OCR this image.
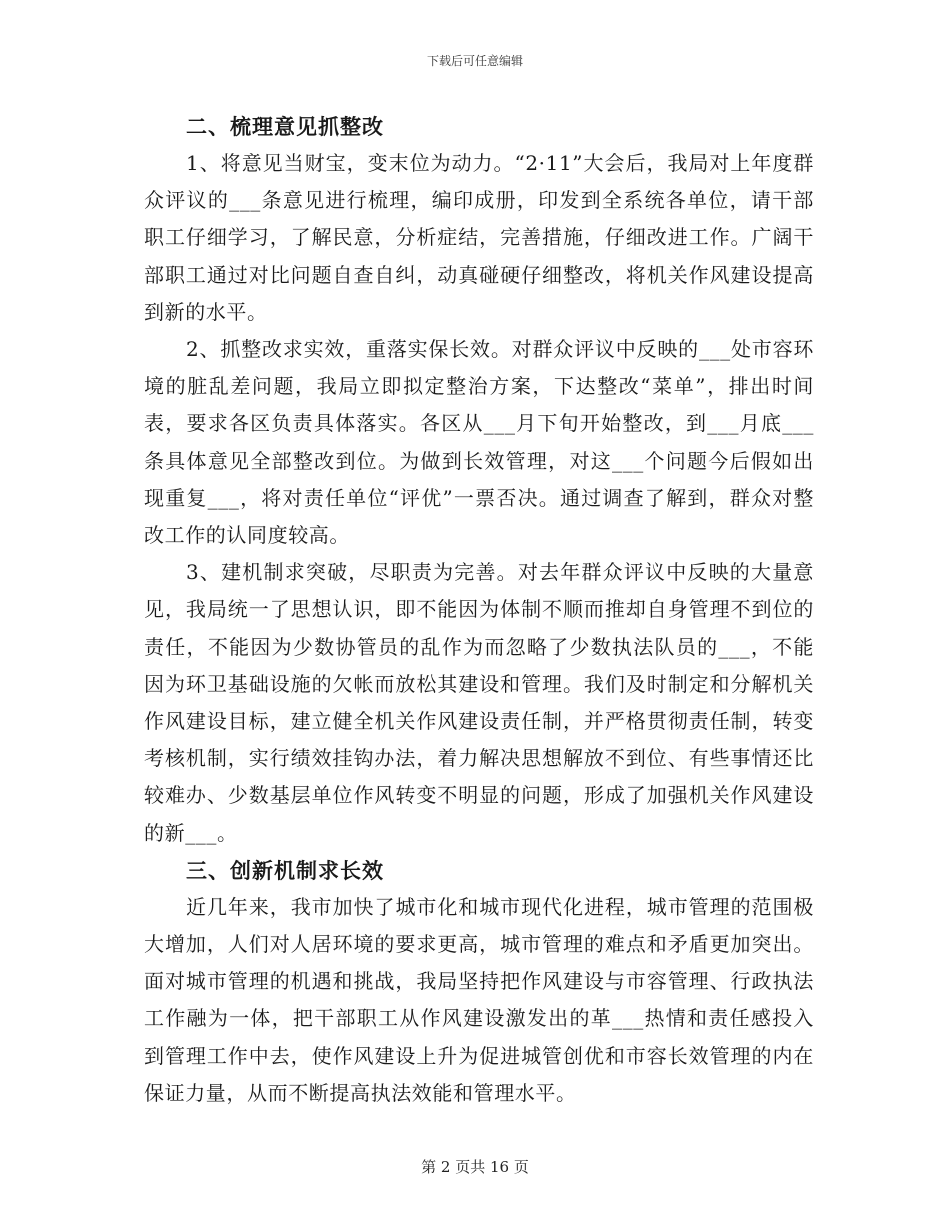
下载后可任意编辑
二、梳理意见抓整改

1、将意见当财宝，变末位为动力。“2·11”大会后，我局对上年度群众评议的___条意见进行梳理，编印成册，印发到全系统各单位，请干部职工仔细学习，了解民意，分析症结，完善措施，仔细改进工作。广阔干部职工通过对比问题自查自纠，动真碰硬仔细整改，将机关作风建设提高到新的水平。

2、抓整改求实效，重落实保长效。对群众评议中反映的___处市容环境的脏乱差问题，我局立即拟定整治方案，下达整改“菜单”，排出时间表，要求各区负责具体落实。各区从___月下旬开始整改，到___月底___条具体意见全部整改到位。为做到长效管理，对这___个问题今后假如出现重复___，将对责任单位“评优”一票否决。通过调查了解到，群众对整改工作的认同度较高。

3、建机制求突破，尽职责为完善。对去年群众评议中反映的大量意见，我局统一了思想认识，即不能因为体制不顺而推却自身管理不到位的责任，不能因为少数协管员的乱作为而忽略了少数执法队员的___，不能因为环卫基础设施的欠帐而放松其建设和管理。我们及时制定和分解机关作风建设目标，建立健全机关作风建设责任制，并严格贯彻责任制，转变考核机制，实行绩效挂钩办法，着力解决思想解放不到位、有些事情还比较难办、少数基层单位作风转变不明显的问题，形成了加强机关作风建设的新___。

三、创新机制求长效

近几年来，我市加快了城市化和城市现代化进程，城市管理的范围极大增加，人们对人居环境的要求更高，城市管理的难点和矛盾更加突出。面对城市管理的机遇和挑战，我局坚持把作风建设与市容管理、行政执法工作融为一体，把干部职工从作风建设激发出的革___热情和责任感投入到管理工作中去，使作风建设上升为促进城管创优和市容长效管理的内在保证力量，从而不断提高执法效能和管理水平。

第 2 页共 16 页
